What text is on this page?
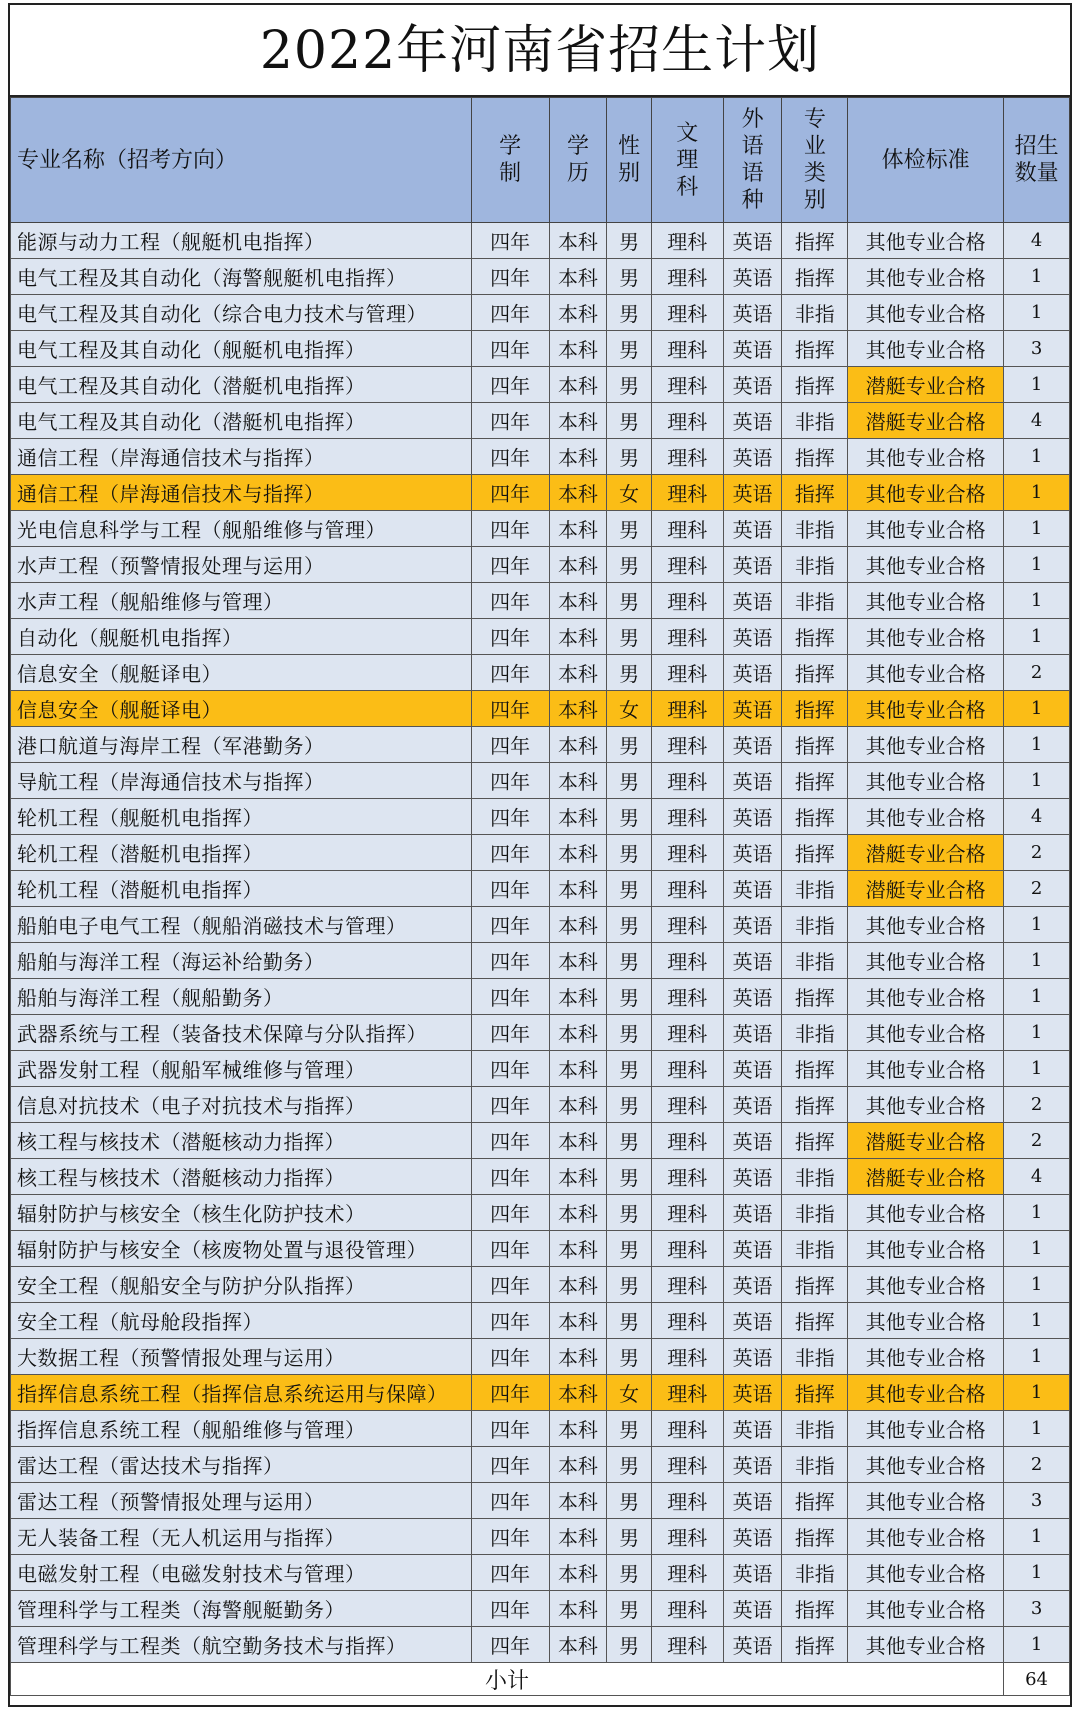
2022年河南省招生计划
专业名称（招考方向）	学制	学历	性别	文理科	外语语种	专业类别	体检标准	招生数量
能源与动力工程（舰艇机电指挥）	四年	本科	男	理科	英语	指挥	其他专业合格	4
电气工程及其自动化（海警舰艇机电指挥）	四年	本科	男	理科	英语	指挥	其他专业合格	1
电气工程及其自动化（综合电力技术与管理）	四年	本科	男	理科	英语	非指	其他专业合格	1
电气工程及其自动化（舰艇机电指挥）	四年	本科	男	理科	英语	指挥	其他专业合格	3
电气工程及其自动化（潜艇机电指挥）	四年	本科	男	理科	英语	指挥	潜艇专业合格	1
电气工程及其自动化（潜艇机电指挥）	四年	本科	男	理科	英语	非指	潜艇专业合格	4
通信工程（岸海通信技术与指挥）	四年	本科	男	理科	英语	指挥	其他专业合格	1
通信工程（岸海通信技术与指挥）	四年	本科	女	理科	英语	指挥	其他专业合格	1
光电信息科学与工程（舰船维修与管理）	四年	本科	男	理科	英语	非指	其他专业合格	1
水声工程（预警情报处理与运用）	四年	本科	男	理科	英语	非指	其他专业合格	1
水声工程（舰船维修与管理）	四年	本科	男	理科	英语	非指	其他专业合格	1
自动化（舰艇机电指挥）	四年	本科	男	理科	英语	指挥	其他专业合格	1
信息安全（舰艇译电）	四年	本科	男	理科	英语	指挥	其他专业合格	2
信息安全（舰艇译电）	四年	本科	女	理科	英语	指挥	其他专业合格	1
港口航道与海岸工程（军港勤务）	四年	本科	男	理科	英语	指挥	其他专业合格	1
导航工程（岸海通信技术与指挥）	四年	本科	男	理科	英语	指挥	其他专业合格	1
轮机工程（舰艇机电指挥）	四年	本科	男	理科	英语	指挥	其他专业合格	4
轮机工程（潜艇机电指挥）	四年	本科	男	理科	英语	指挥	潜艇专业合格	2
轮机工程（潜艇机电指挥）	四年	本科	男	理科	英语	非指	潜艇专业合格	2
船舶电子电气工程（舰船消磁技术与管理）	四年	本科	男	理科	英语	非指	其他专业合格	1
船舶与海洋工程（海运补给勤务）	四年	本科	男	理科	英语	非指	其他专业合格	1
船舶与海洋工程（舰船勤务）	四年	本科	男	理科	英语	指挥	其他专业合格	1
武器系统与工程（装备技术保障与分队指挥）	四年	本科	男	理科	英语	非指	其他专业合格	1
武器发射工程（舰船军械维修与管理）	四年	本科	男	理科	英语	指挥	其他专业合格	1
信息对抗技术（电子对抗技术与指挥）	四年	本科	男	理科	英语	指挥	其他专业合格	2
核工程与核技术（潜艇核动力指挥）	四年	本科	男	理科	英语	指挥	潜艇专业合格	2
核工程与核技术（潜艇核动力指挥）	四年	本科	男	理科	英语	非指	潜艇专业合格	4
辐射防护与核安全（核生化防护技术）	四年	本科	男	理科	英语	非指	其他专业合格	1
辐射防护与核安全（核废物处置与退役管理）	四年	本科	男	理科	英语	非指	其他专业合格	1
安全工程（舰船安全与防护分队指挥）	四年	本科	男	理科	英语	指挥	其他专业合格	1
安全工程（航母舱段指挥）	四年	本科	男	理科	英语	指挥	其他专业合格	1
大数据工程（预警情报处理与运用）	四年	本科	男	理科	英语	非指	其他专业合格	1
指挥信息系统工程（指挥信息系统运用与保障）	四年	本科	女	理科	英语	指挥	其他专业合格	1
指挥信息系统工程（舰船维修与管理）	四年	本科	男	理科	英语	非指	其他专业合格	1
雷达工程（雷达技术与指挥）	四年	本科	男	理科	英语	非指	其他专业合格	2
雷达工程（预警情报处理与运用）	四年	本科	男	理科	英语	指挥	其他专业合格	3
无人装备工程（无人机运用与指挥）	四年	本科	男	理科	英语	指挥	其他专业合格	1
电磁发射工程（电磁发射技术与管理）	四年	本科	男	理科	英语	非指	其他专业合格	1
管理科学与工程类（海警舰艇勤务）	四年	本科	男	理科	英语	指挥	其他专业合格	3
管理科学与工程类（航空勤务技术与指挥）	四年	本科	男	理科	英语	指挥	其他专业合格	1
小计								64
